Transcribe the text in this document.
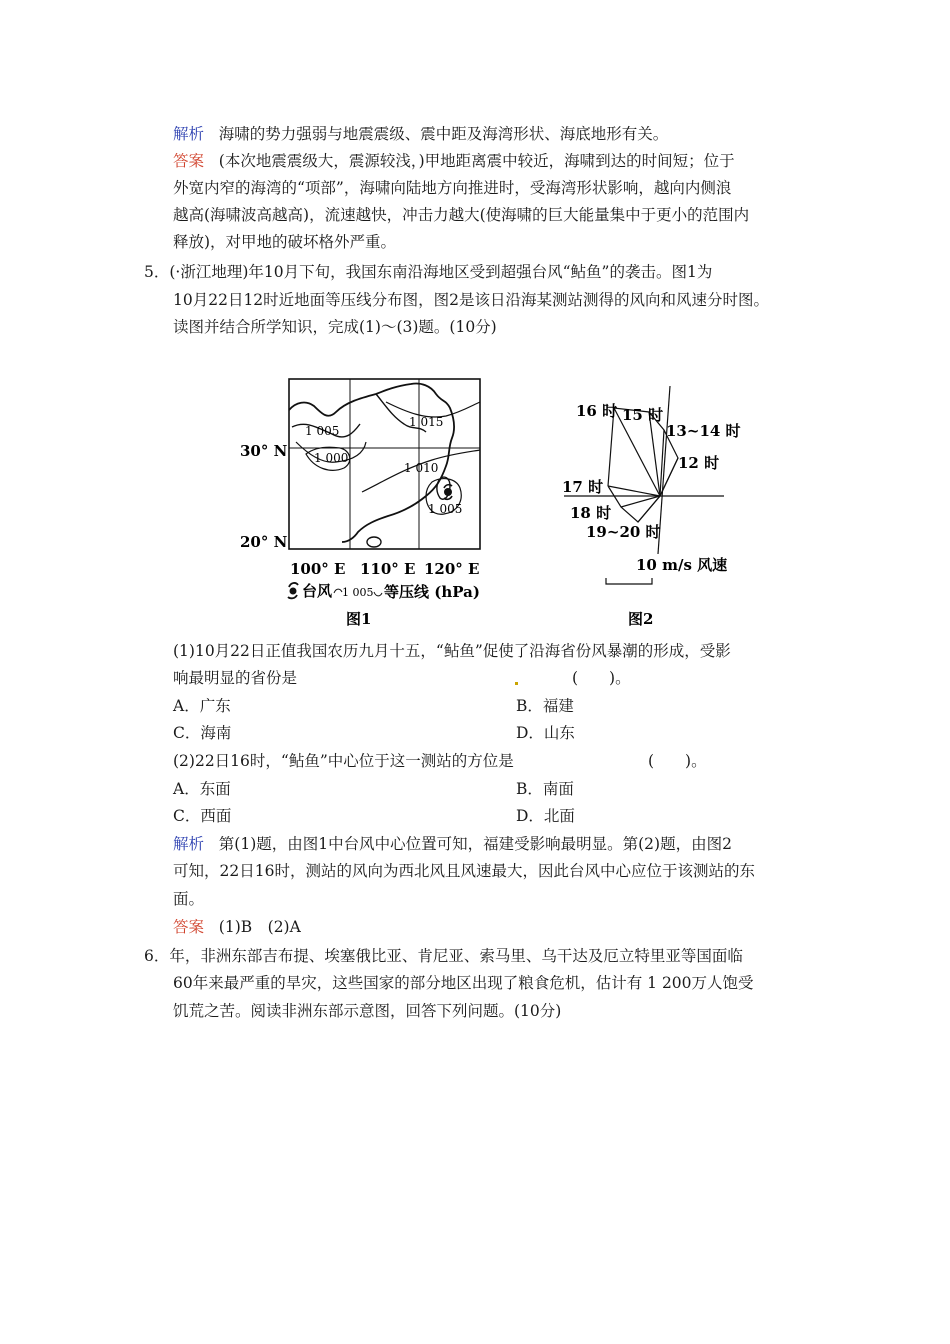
解析 海啸的势力强弱与地震震级、震中距及海湾形状、海底地形有关。
答案 (本次地震震级大，震源较浅，)甲地距离震中较近，海啸到达的时间短；位于
外宽内窄的海湾的“项部”，海啸向陆地方向推进时，受海湾形状影响，越向内侧浪
越高(海啸波高越高)，流速越快，冲击力越大(使海啸的巨大能量集中于更小的范围内
释放)，对甲地的破坏格外严重。
5．(·浙江地理)年10月下旬，我国东南沿海地区受到超强台风“鲇鱼”的袭击。图1为
10月22日12时近地面等压线分布图，图2是该日沿海某测站测得的风向和风速分时图。
读图并结合所学知识，完成(1)～(3)题。(10分)
1 015
1 005
1 000
1 010
1 005
30° N
20° N
100° E 110° E 120° E
台风 1 005 等压线 (hPa)
图1
16 时 15 时
13~14 时
12 时
17 时
18 时
19~20 时
10 m/s 风速
图2
(1)10月22日正值我国农历九月十五，“鲇鱼”促使了沿海省份风暴潮的形成，受影
响最明显的省份是	(　　)。
A．广东	B．福建
C．海南	D．山东
(2)22日16时，“鲇鱼”中心位于这一测站的方位是	(　　)。
A．东面	B．南面
C．西面	D．北面
解析 第(1)题，由图1中台风中心位置可知，福建受影响最明显。第(2)题，由图2
可知，22日16时，测站的风向为西北风且风速最大，因此台风中心应位于该测站的东
面。
答案 (1)B　(2)A
6．年，非洲东部吉布提、埃塞俄比亚、肯尼亚、索马里、乌干达及厄立特里亚等国面临
60年来最严重的旱灾，这些国家的部分地区出现了粮食危机，估计有 1 200万人饱受
饥荒之苦。阅读非洲东部示意图，回答下列问题。(10分)
